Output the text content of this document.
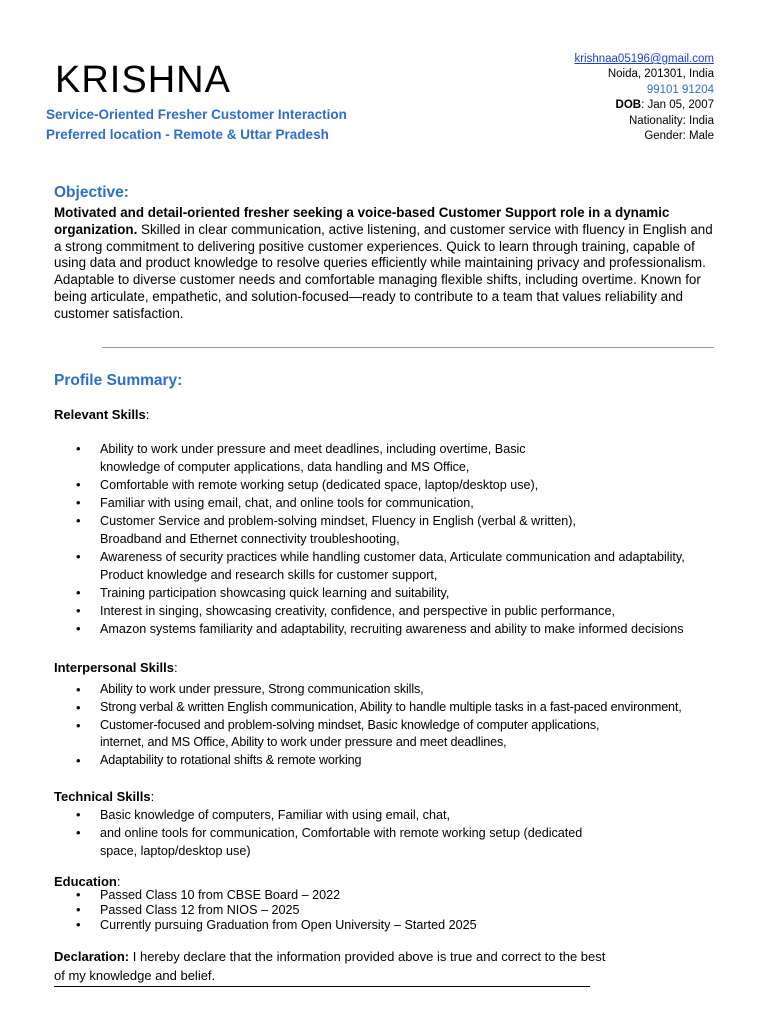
KRISHNA
Service-Oriented Fresher Customer Interaction
Preferred location - Remote & Uttar Pradesh
krishnaa05196@gmail.com
Noida, 201301, India
99101 91204
DOB: Jan 05, 2007
Nationality: India
Gender: Male
Objective:
Motivated and detail-oriented fresher seeking a voice-based Customer Support role in a dynamic organization. Skilled in clear communication, active listening, and customer service with fluency in English and a strong commitment to delivering positive customer experiences. Quick to learn through training, capable of using data and product knowledge to resolve queries efficiently while maintaining privacy and professionalism.
Adaptable to diverse customer needs and comfortable managing flexible shifts, including overtime. Known for being articulate, empathetic, and solution-focused—ready to contribute to a team that values reliability and customer satisfaction.
Profile Summary:
Relevant Skills:
• Ability to work under pressure and meet deadlines, including overtime, Basic
knowledge of computer applications, data handling and MS Office,
• Comfortable with remote working setup (dedicated space, laptop/desktop use),
• Familiar with using email, chat, and online tools for communication,
• Customer Service and problem-solving mindset, Fluency in English (verbal & written),
Broadband and Ethernet connectivity troubleshooting,
• Awareness of security practices while handling customer data, Articulate communication and adaptability,
Product knowledge and research skills for customer support,
• Training participation showcasing quick learning and suitability,
• Interest in singing, showcasing creativity, confidence, and perspective in public performance,
• Amazon systems familiarity and adaptability, recruiting awareness and ability to make informed decisions
Interpersonal Skills:
• Ability to work under pressure, Strong communication skills,
• Strong verbal & written English communication, Ability to handle multiple tasks in a fast-paced environment,
• Customer-focused and problem-solving mindset, Basic knowledge of computer applications,
internet, and MS Office, Ability to work under pressure and meet deadlines,
• Adaptability to rotational shifts & remote working
Technical Skills:
• Basic knowledge of computers, Familiar with using email, chat,
• and online tools for communication, Comfortable with remote working setup (dedicated
space, laptop/desktop use)
Education:
• Passed Class 10 from CBSE Board – 2022
• Passed Class 12 from NIOS – 2025
• Currently pursuing Graduation from Open University – Started 2025
Declaration: I hereby declare that the information provided above is true and correct to the best of my knowledge and belief.
